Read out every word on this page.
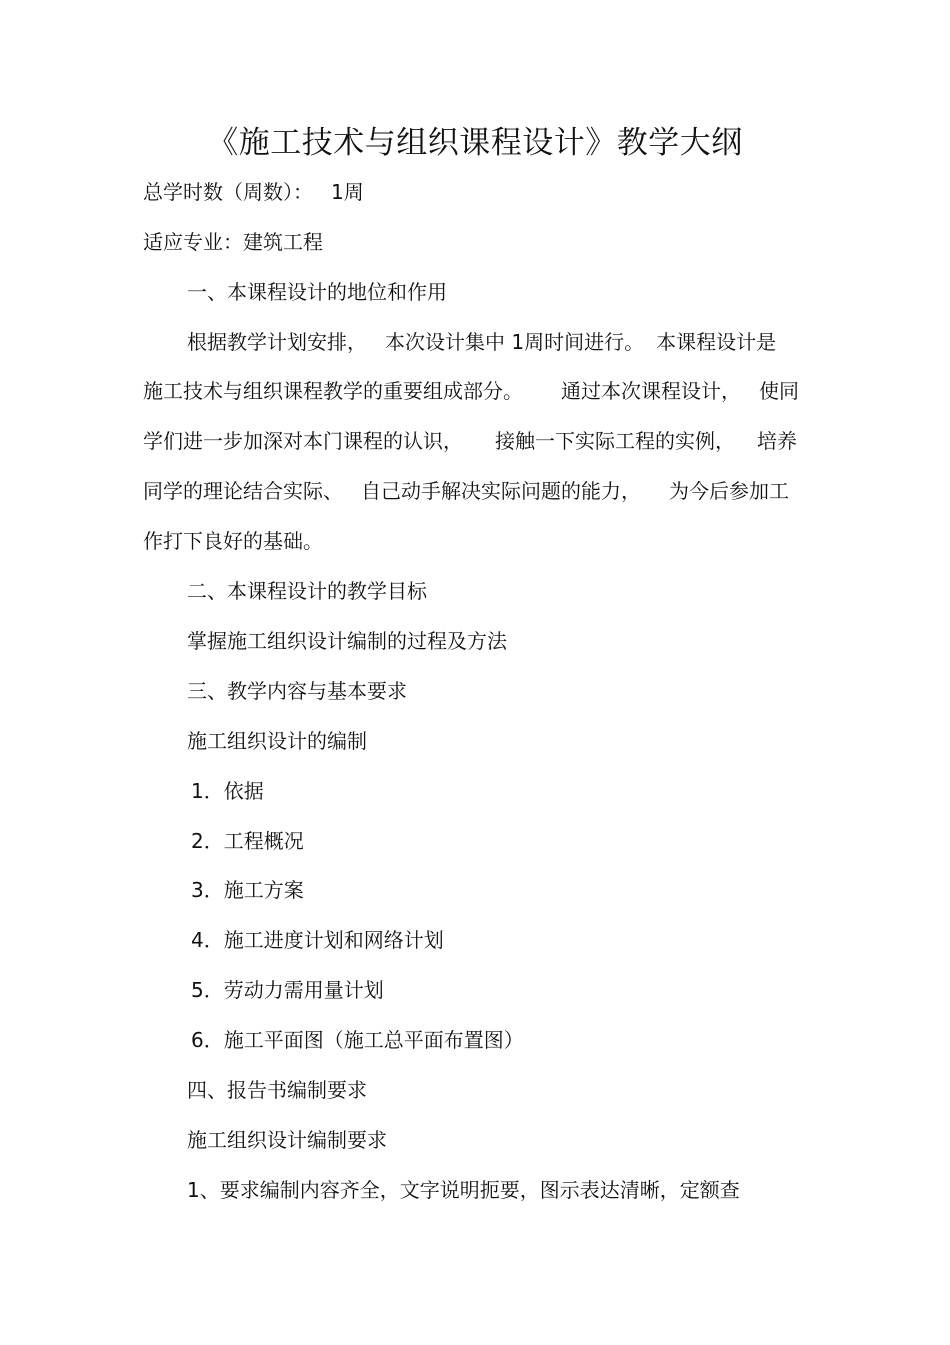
《施工技术与组织课程设计》教学大纲
总学时数（周数）： 1周
适应专业：建筑工程
一、本课程设计的地位和作用
根据教学计划安排， 本次设计集中 1周时间进行。 本课程设计是
施工技术与组织课程教学的重要组成部分。 通过本次课程设计， 使同
学们进一步加深对本门课程的认识， 接触一下实际工程的实例， 培养
同学的理论结合实际、 自己动手解决实际问题的能力， 为今后参加工
作打下良好的基础。
二、本课程设计的教学目标
掌握施工组织设计编制的过程及方法
三、教学内容与基本要求
施工组织设计的编制
1．依据
2．工程概况
3．施工方案
4．施工进度计划和网络计划
5．劳动力需用量计划
6．施工平面图（施工总平面布置图）
四、报告书编制要求
施工组织设计编制要求
1、要求编制内容齐全，文字说明扼要，图示表达清晰，定额查
